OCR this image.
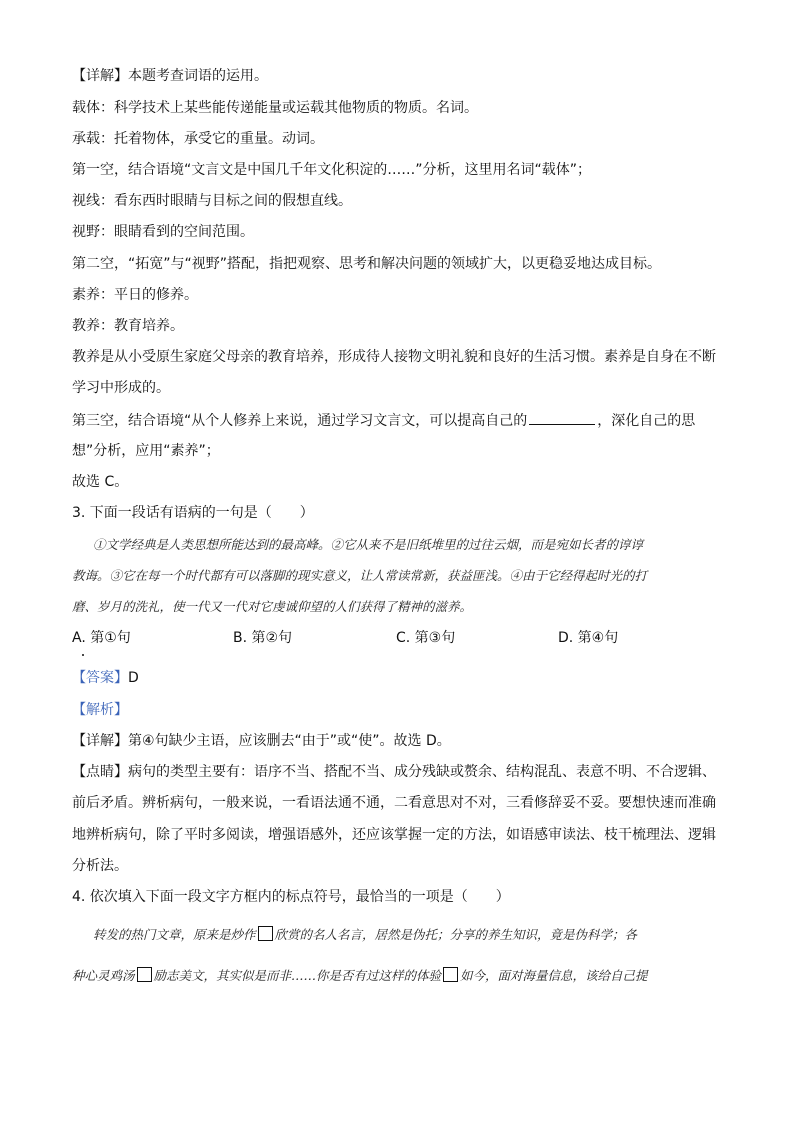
【详解】本题考查词语的运用。
载体：科学技术上某些能传递能量或运载其他物质的物质。名词。
承载：托着物体，承受它的重量。动词。
第一空，结合语境“文言文是中国几千年文化积淀的……”分析，这里用名词“载体”；
视线：看东西时眼睛与目标之间的假想直线。
视野：眼睛看到的空间范围。
第二空，“拓宽”与“视野”搭配，指把观察、思考和解决问题的领域扩大，以更稳妥地达成目标。
素养：平日的修养。
教养：教育培养。
教养是从小受原生家庭父母亲的教育培养，形成待人接物文明礼貌和良好的生活习惯。素养是自身在不断
学习中形成的。
第三空，结合语境“从个人修养上来说，通过学习文言文，可以提高自己的	，深化自己的思
想”分析，应用“素养”；
故选 C。
3. 下面一段话有语病的一句是（　　）
①文学经典是人类思想所能达到的最高峰。②它从来不是旧纸堆里的过往云烟，而是宛如长者的谆谆
教诲。③它在每一个时代都有可以落脚的现实意义，让人常读常新，获益匪浅。④由于它经得起时光的打
磨、岁月的洗礼，使一代又一代对它虔诚仰望的人们获得了精神的滋养。
A. 第①句	B. 第②句	C. 第③句	D. 第④句
【答案】D
【解析】
【详解】第④句缺少主语，应该删去“由于”或“使”。故选 D。
【点睛】病句的类型主要有：语序不当、搭配不当、成分残缺或赘余、结构混乱、表意不明、不合逻辑、
前后矛盾。辨析病句，一般来说，一看语法通不通，二看意思对不对，三看修辞妥不妥。要想快速而准确
地辨析病句，除了平时多阅读，增强语感外，还应该掌握一定的方法，如语感审读法、枝干梳理法、逻辑
分析法。
4. 依次填入下面一段文字方框内的标点符号，最恰当的一项是（　　）
转发的热门文章，原来是炒作 欣赏的名人名言，居然是伪托；分享的养生知识，竟是伪科学；各
种心灵鸡汤 励志美文，其实似是而非……你是否有过这样的体验 如今，面对海量信息，该给自己提
